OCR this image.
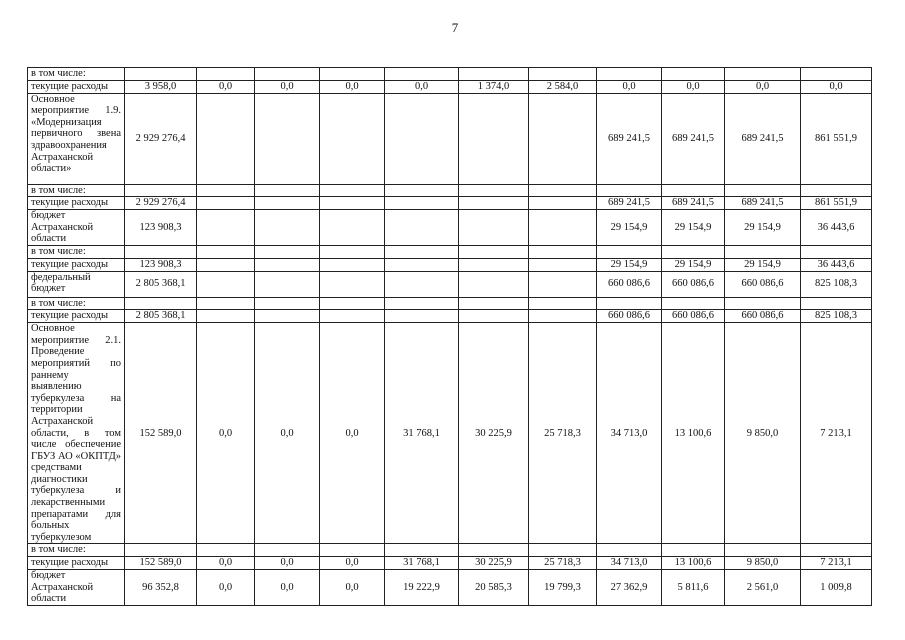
7
в том числе:											
текущие расходы	3 958,0	0,0	0,0	0,0	0,0	1 374,0	2 584,0	0,0	0,0	0,0	0,0
Основное мероприятие 1.9. «Модернизация первичного звена здравоохранения Астраханской области»	2 929 276,4							689 241,5	689 241,5	689 241,5	861 551,9
в том числе:											
текущие расходы	2 929 276,4							689 241,5	689 241,5	689 241,5	861 551,9
бюджет Астраханской области	123 908,3							29 154,9	29 154,9	29 154,9	36 443,6
в том числе:											
текущие расходы	123 908,3							29 154,9	29 154,9	29 154,9	36 443,6
федеральный бюджет	2 805 368,1							660 086,6	660 086,6	660 086,6	825 108,3
в том числе:											
текущие расходы	2 805 368,1							660 086,6	660 086,6	660 086,6	825 108,3
Основное мероприятие 2.1. Проведение мероприятий по раннему выявлению туберкулеза на территории Астраханской области, в том числе обеспечение ГБУЗ АО «ОКПТД» средствами диагностики туберкулеза и лекарственными препаратами для больных туберкулезом	152 589,0	0,0	0,0	0,0	31 768,1	30 225,9	25 718,3	34 713,0	13 100,6	9 850,0	7 213,1
в том числе:											
текущие расходы	152 589,0	0,0	0,0	0,0	31 768,1	30 225,9	25 718,3	34 713,0	13 100,6	9 850,0	7 213,1
бюджет Астраханской области	96 352,8	0,0	0,0	0,0	19 222,9	20 585,3	19 799,3	27 362,9	5 811,6	2 561,0	1 009,8
